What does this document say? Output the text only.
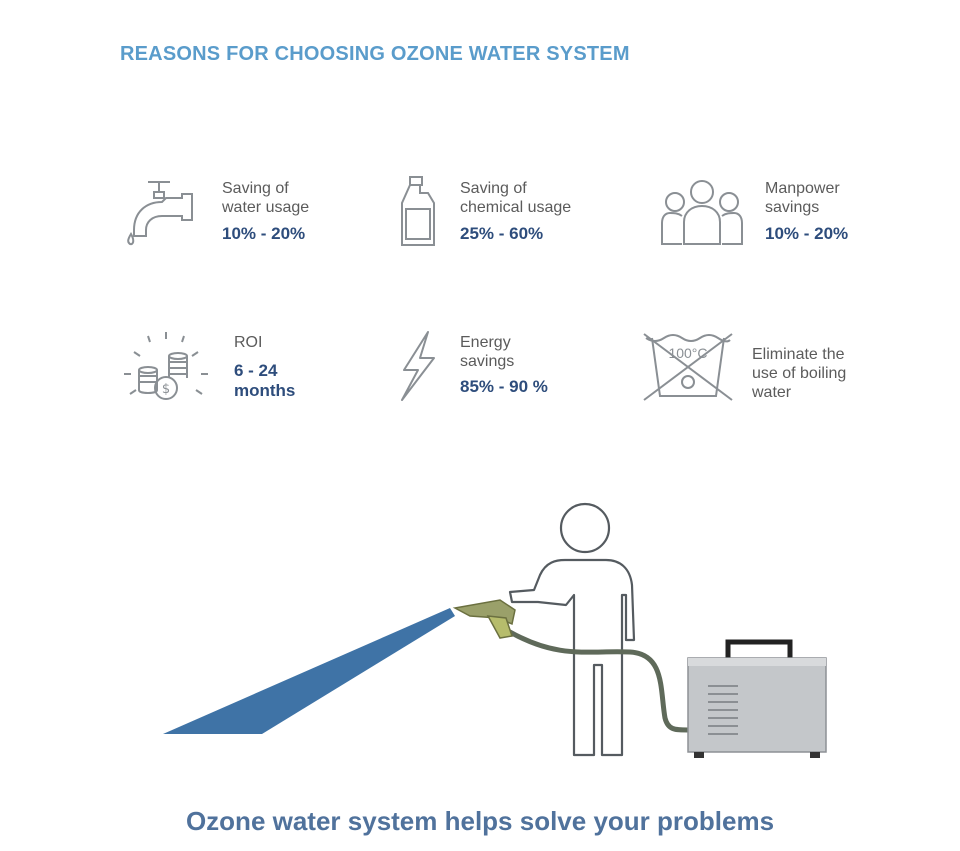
REASONS FOR CHOOSING OZONE WATER SYSTEM
Saving of
water usage
10% - 20%
Saving of
chemical usage
25% - 60%
Manpower
savings
10% - 20%
$
ROI
6 - 24
months
Energy
savings
85% - 90 %
100°C	Eliminate the
use of boiling
water
Ozone water system helps solve your problems
